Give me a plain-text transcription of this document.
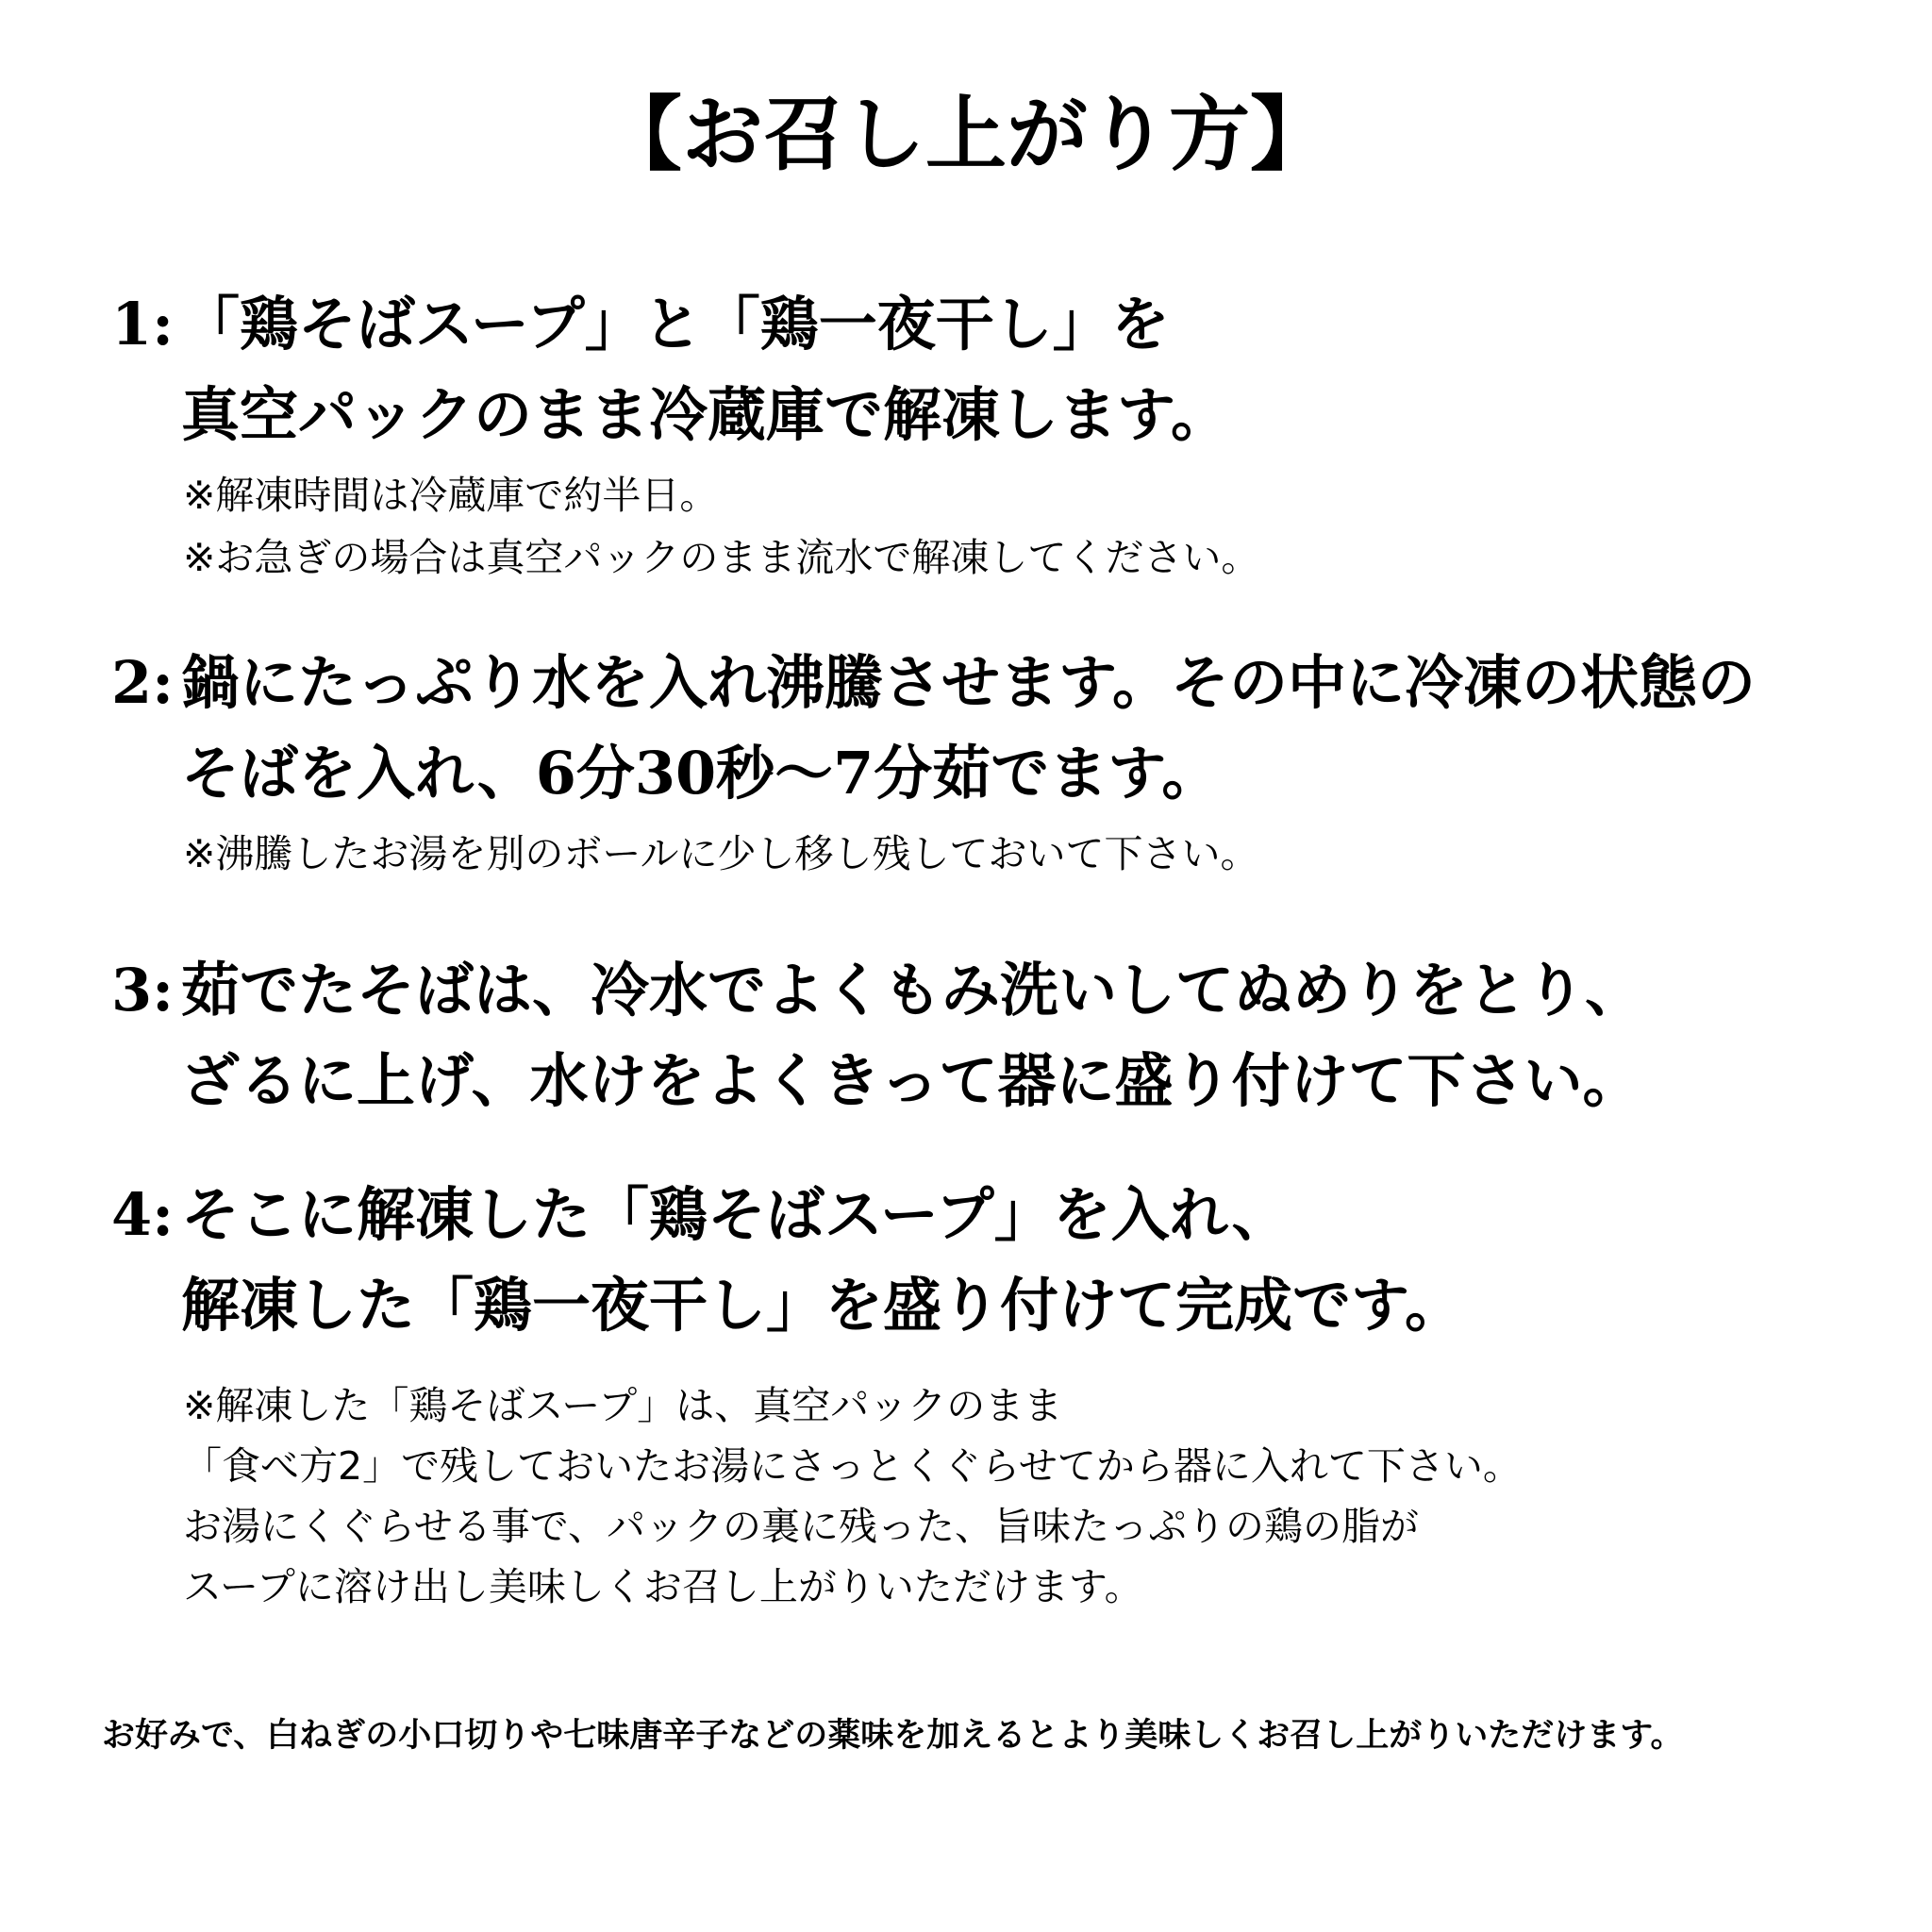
【お召し上がり方】
1: 「鶏そばスープ」と「鶏一夜干し」を
真空パックのまま冷蔵庫で解凍します。
※解凍時間は冷蔵庫で約半日。
※お急ぎの場合は真空パックのまま流水で解凍してください。
2: 鍋にたっぷり水を入れ沸騰させます。その中に冷凍の状態の
そばを入れ、6分30秒～7分茹でます。
※沸騰したお湯を別のボールに少し移し残しておいて下さい。
3: 茹でたそばは、冷水でよくもみ洗いしてぬめりをとり、
ざるに上げ、水けをよくきって器に盛り付けて下さい。
4: そこに解凍した「鶏そばスープ」を入れ、
解凍した「鶏一夜干し」を盛り付けて完成です。
※解凍した「鶏そばスープ」は、真空パックのまま
「食べ方2」で残しておいたお湯にさっとくぐらせてから器に入れて下さい。
お湯にくぐらせる事で、パックの裏に残った、旨味たっぷりの鶏の脂が
スープに溶け出し美味しくお召し上がりいただけます。
お好みで、白ねぎの小口切りや七味唐辛子などの薬味を加えるとより美味しくお召し上がりいただけます。
